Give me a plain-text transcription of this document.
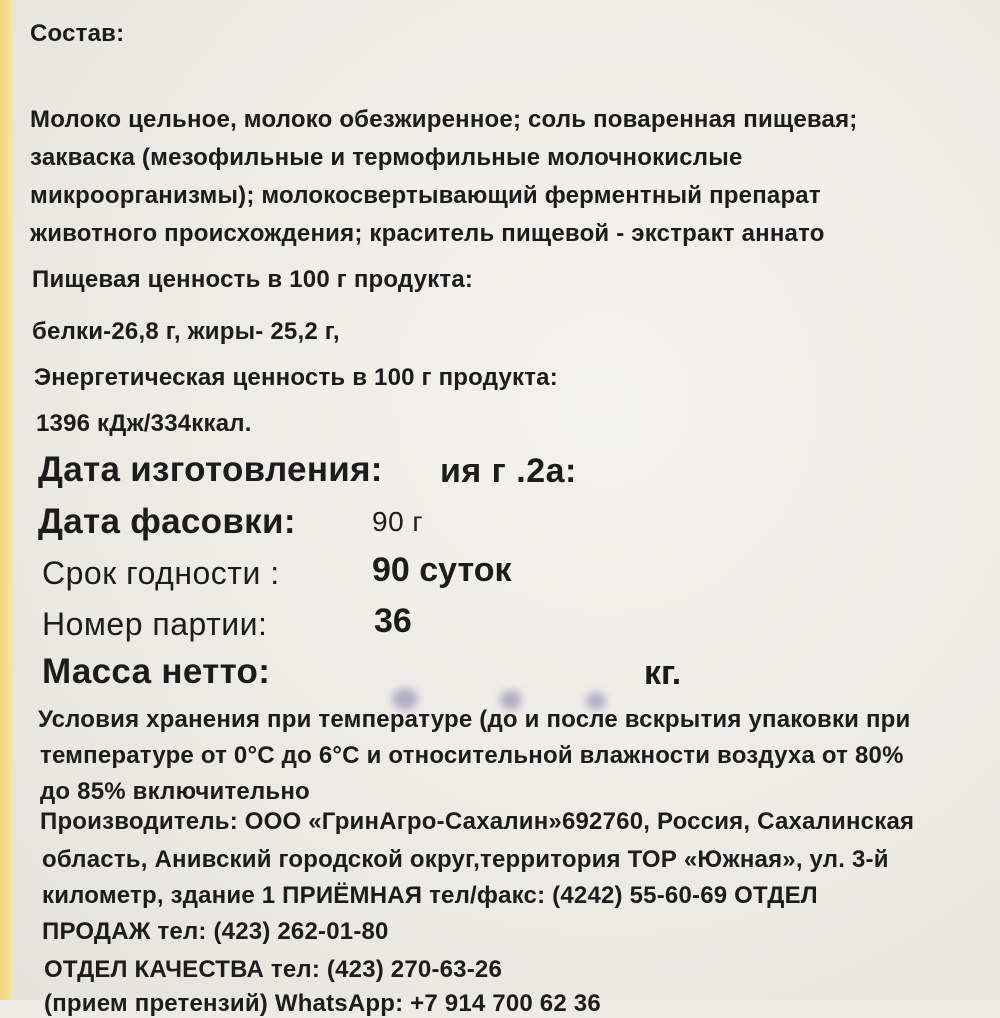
Состав:
Молоко цельное, молоко обезжиренное; соль поваренная пищевая;
закваска (мезофильные и термофильные молочнокислые
микроорганизмы); молокосвертывающий ферментный препарат
животного происхождения; краситель пищевой - экстракт аннато
Пищевая ценность в 100 г продукта:
белки-26,8 г, жиры- 25,2 г,
Энергетическая ценность в 100 г продукта:
1396 кДж/334ккал.
Дата изготовления: ия г .2а:
Дата фасовки:	90 г
Срок годности :	90 суток
Номер партии:	36
Масса нетто:	кг.
Условия хранения при температуре (до и после вскрытия упаковки при
температуре от 0°С до 6°С и относительной влажности воздуха от 80%
до 85% включительно
Производитель: ООО «ГринАгро-Сахалин»692760, Россия, Сахалинская
область, Анивский городской округ,территория ТОР «Южная», ул. 3-й
километр, здание 1 ПРИЁМНАЯ тел/факс: (4242) 55-60-69 ОТДЕЛ
ПРОДАЖ тел: (423) 262-01-80
ОТДЕЛ КАЧЕСТВА тел: (423) 270-63-26
(прием претензий) WhatsApp: +7 914 700 62 36
